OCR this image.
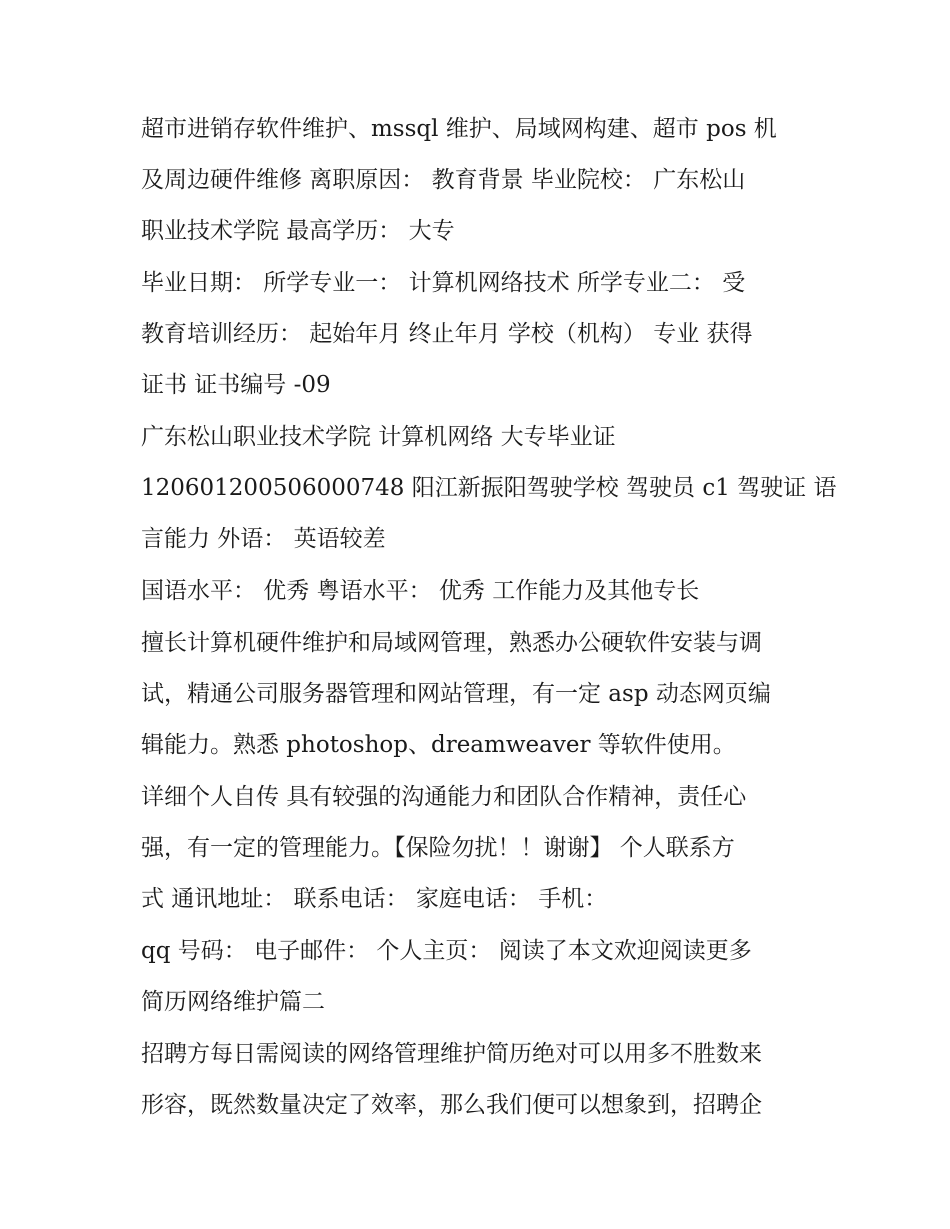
超市进销存软件维护、mssql 维护、局域网构建、超市 pos 机
及周边硬件维修 离职原因： 教育背景 毕业院校： 广东松山
职业技术学院 最高学历： 大专

毕业日期： 所学专业一： 计算机网络技术 所学专业二： 受
教育培训经历： 起始年月 终止年月 学校（机构） 专业 获得
证书 证书编号 -09

广东松山职业技术学院 计算机网络 大专毕业证
120601200506000748 阳江新振阳驾驶学校 驾驶员 c1 驾驶证 语
言能力 外语： 英语较差

国语水平： 优秀 粤语水平： 优秀 工作能力及其他专长

擅长计算机硬件维护和局域网管理，熟悉办公硬软件安装与调
试，精通公司服务器管理和网站管理，有一定 asp 动态网页编
辑能力。熟悉 photoshop、dreamweaver 等软件使用。

详细个人自传 具有较强的沟通能力和团队合作精神，责任心
强，有一定的管理能力。【保险勿扰！！谢谢】 个人联系方
式 通讯地址： 联系电话： 家庭电话： 手机：

qq 号码： 电子邮件： 个人主页： 阅读了本文欢迎阅读更多
简历网络维护篇二

招聘方每日需阅读的网络管理维护简历绝对可以用多不胜数来
形容，既然数量决定了效率，那么我们便可以想象到，招聘企
